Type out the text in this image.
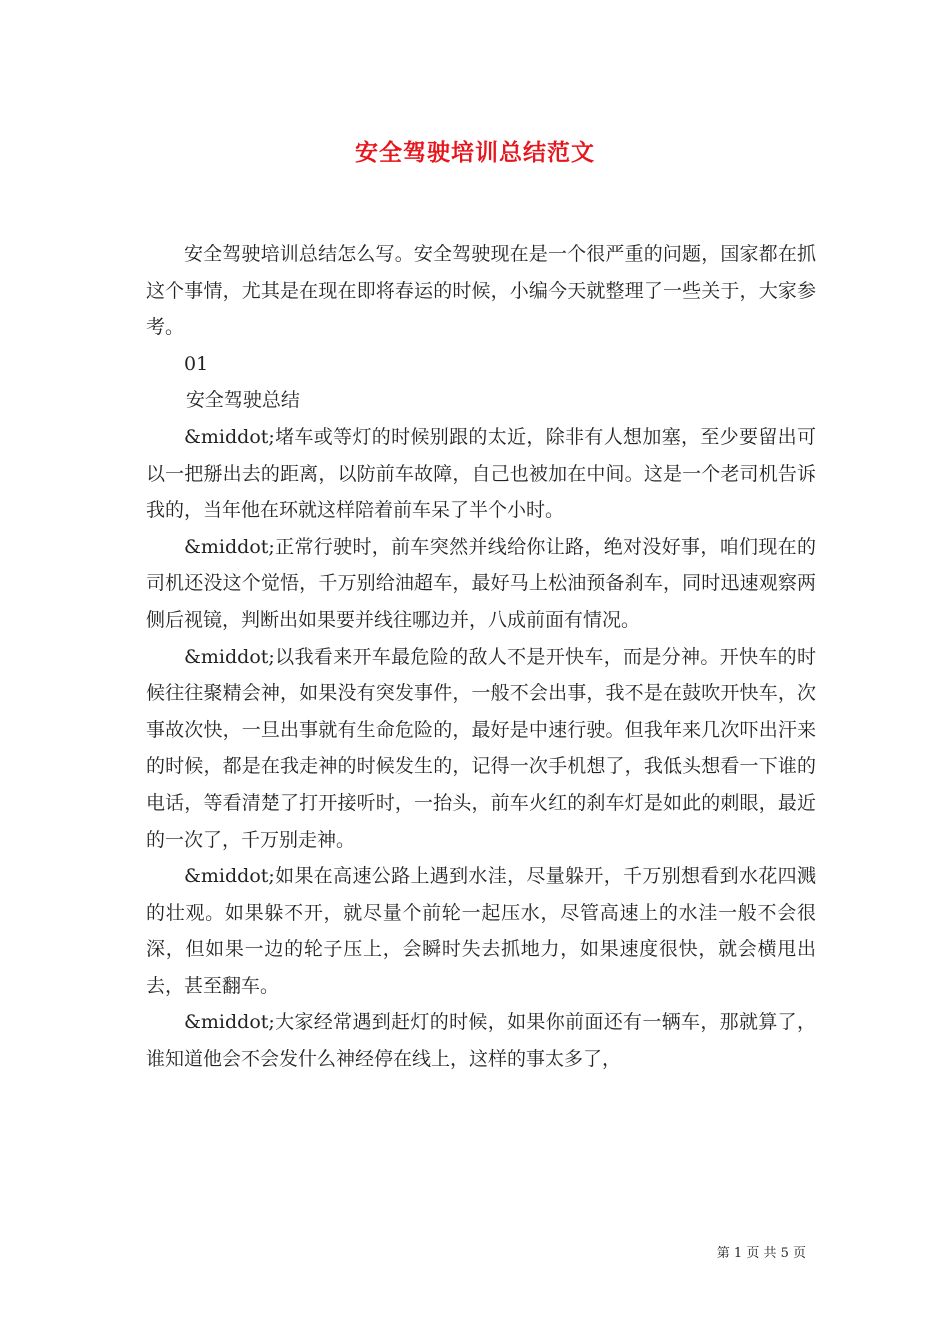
安全驾驶培训总结范文

安全驾驶培训总结怎么写。安全驾驶现在是一个很严重的问题，国家都在抓这个事情，尤其是在现在即将春运的时候，小编今天就整理了一些关于，大家参考。

01

安全驾驶总结

&middot;堵车或等灯的时候别跟的太近，除非有人想加塞，至少要留出可以一把掰出去的距离，以防前车故障，自己也被加在中间。这是一个老司机告诉我的，当年他在环就这样陪着前车呆了半个小时。

&middot;正常行驶时，前车突然并线给你让路，绝对没好事，咱们现在的司机还没这个觉悟，千万别给油超车，最好马上松油预备刹车，同时迅速观察两侧后视镜，判断出如果要并线往哪边并，八成前面有情况。

&middot;以我看来开车最危险的敌人不是开快车，而是分神。开快车的时候往往聚精会神，如果没有突发事件，一般不会出事，我不是在鼓吹开快车，次事故次快，一旦出事就有生命危险的，最好是中速行驶。但我年来几次吓出汗来的时候，都是在我走神的时候发生的，记得一次手机想了，我低头想看一下谁的电话，等看清楚了打开接听时，一抬头，前车火红的刹车灯是如此的刺眼，最近的一次了，千万别走神。

&middot;如果在高速公路上遇到水洼，尽量躲开，千万别想看到水花四溅的壮观。如果躲不开，就尽量个前轮一起压水，尽管高速上的水洼一般不会很深，但如果一边的轮子压上，会瞬时失去抓地力，如果速度很快，就会横甩出去，甚至翻车。

&middot;大家经常遇到赶灯的时候，如果你前面还有一辆车，那就算了，谁知道他会不会发什么神经停在线上，这样的事太多了，

第 1 页 共 5 页
